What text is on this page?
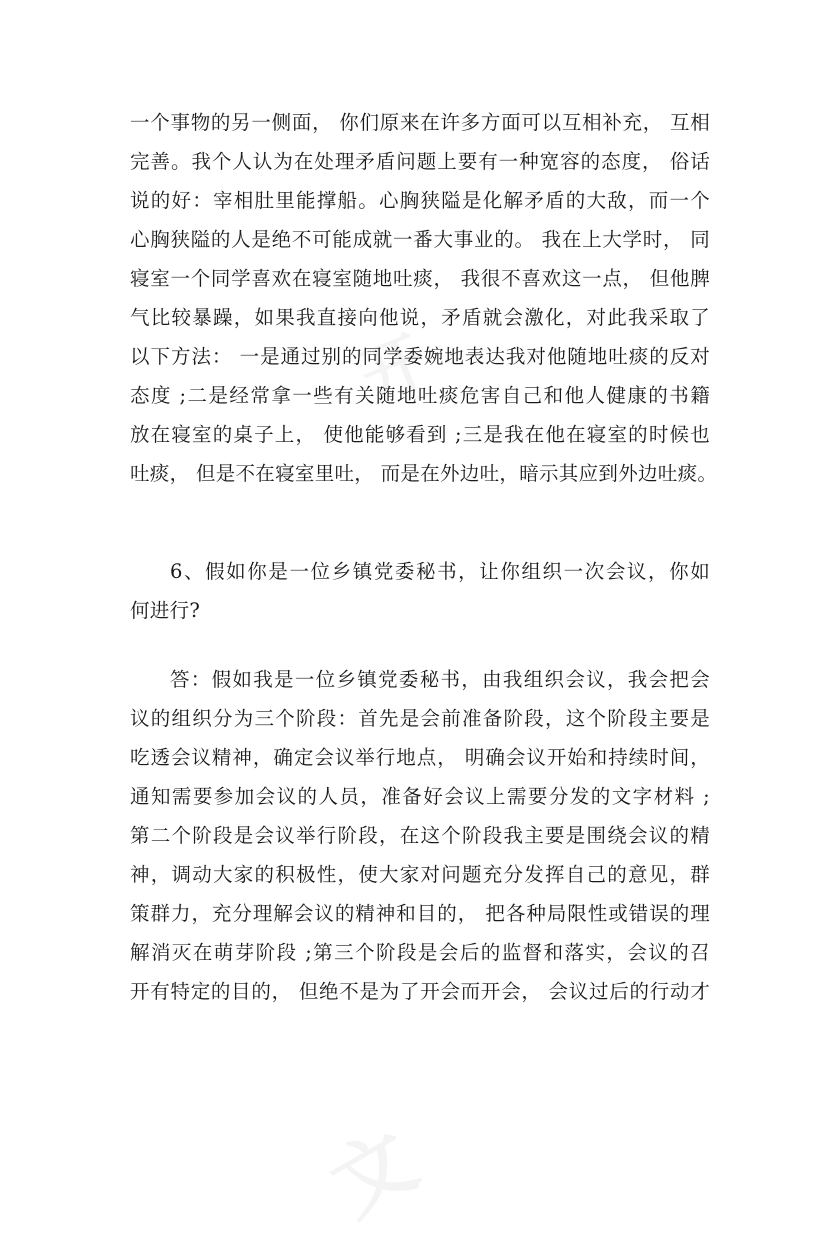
一个事物的另一侧面， 你们原来在许多方面可以互相补充， 互相
完善。我个人认为在处理矛盾问题上要有一种宽容的态度， 俗话
说的好：宰相肚里能撑船。心胸狭隘是化解矛盾的大敌，而一个
心胸狭隘的人是绝不可能成就一番大事业的。 我在上大学时， 同
寝室一个同学喜欢在寝室随地吐痰， 我很不喜欢这一点， 但他脾
气比较暴躁，如果我直接向他说，矛盾就会激化，对此我采取了
以下方法： 一是通过别的同学委婉地表达我对他随地吐痰的反对
态度 ;二是经常拿一些有关随地吐痰危害自己和他人健康的书籍
放在寝室的桌子上， 使他能够看到 ;三是我在他在寝室的时候也
吐痰， 但是不在寝室里吐， 而是在外边吐，暗示其应到外边吐痰。
6、假如你是一位乡镇党委秘书，让你组织一次会议，你如
何进行?
答：假如我是一位乡镇党委秘书，由我组织会议，我会把会
议的组织分为三个阶段：首先是会前准备阶段，这个阶段主要是
吃透会议精神，确定会议举行地点， 明确会议开始和持续时间，
通知需要参加会议的人员，准备好会议上需要分发的文字材料 ;
第二个阶段是会议举行阶段，在这个阶段我主要是围绕会议的精
神，调动大家的积极性，使大家对问题充分发挥自己的意见，群
策群力，充分理解会议的精神和目的， 把各种局限性或错误的理
解消灭在萌芽阶段 ;第三个阶段是会后的监督和落实，会议的召
开有特定的目的， 但绝不是为了开会而开会， 会议过后的行动才
